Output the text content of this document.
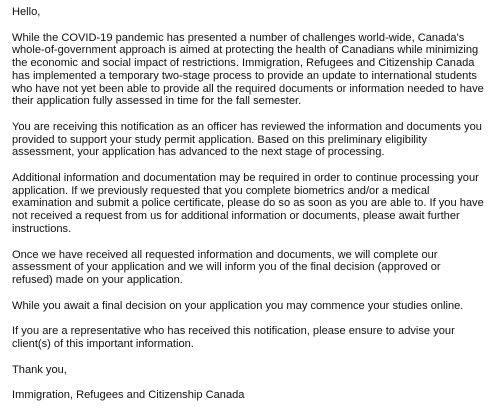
Hello,

While the COVID-19 pandemic has presented a number of challenges world-wide, Canada's
whole-of-government approach is aimed at protecting the health of Canadians while minimizing
the economic and social impact of restrictions. Immigration, Refugees and Citizenship Canada
has implemented a temporary two-stage process to provide an update to international students
who have not yet been able to provide all the required documents or information needed to have
their application fully assessed in time for the fall semester.

You are receiving this notification as an officer has reviewed the information and documents you
provided to support your study permit application. Based on this preliminary eligibility
assessment, your application has advanced to the next stage of processing.

Additional information and documentation may be required in order to continue processing your
application. If we previously requested that you complete biometrics and/or a medical
examination and submit a police certificate, please do so as soon as you are able to. If you have
not received a request from us for additional information or documents, please await further
instructions.

Once we have received all requested information and documents, we will complete our
assessment of your application and we will inform you of the final decision (approved or
refused) made on your application.

While you await a final decision on your application you may commence your studies online.

If you are a representative who has received this notification, please ensure to advise your
client(s) of this important information.

Thank you,

Immigration, Refugees and Citizenship Canada
